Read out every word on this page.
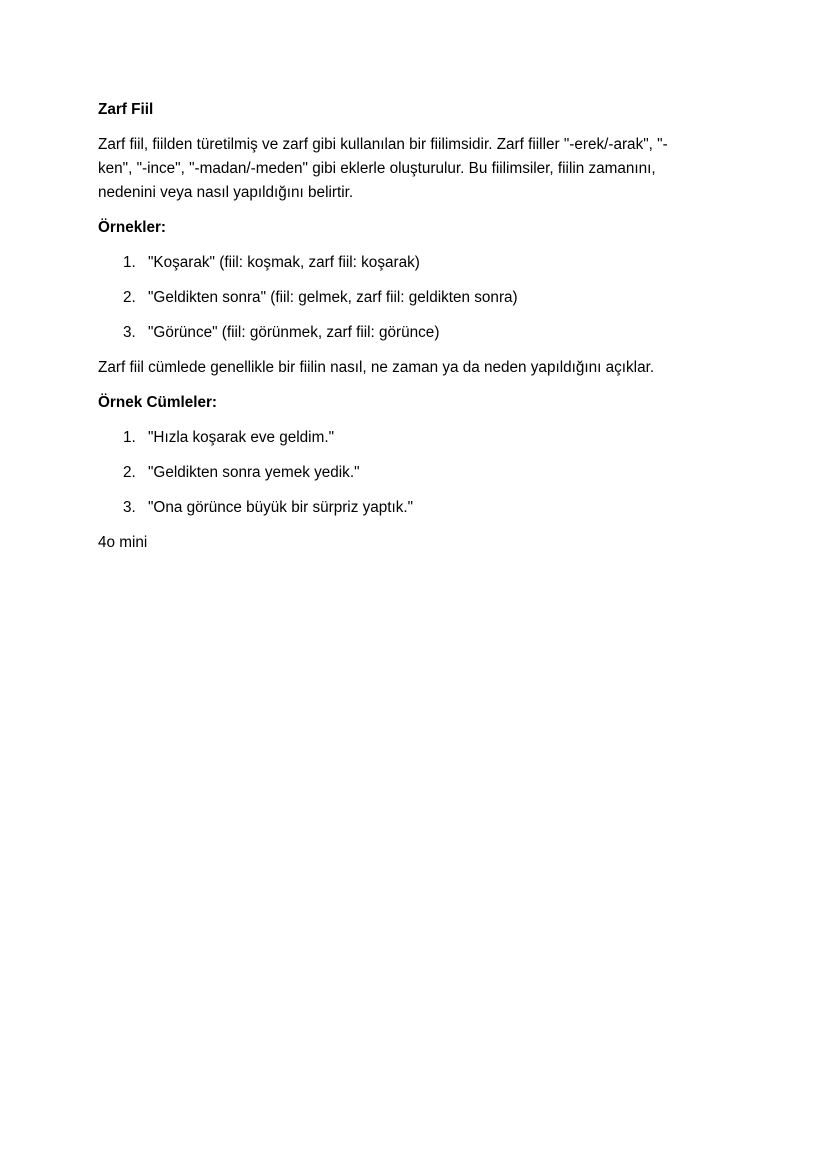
Zarf Fiil
Zarf fiil, fiilden türetilmiş ve zarf gibi kullanılan bir fiilimsidir. Zarf fiiller "-erek/-arak", "-
ken", "-ince", "-madan/-meden" gibi eklerle oluşturulur. Bu fiilimsiler, fiilin zamanını,
nedenini veya nasıl yapıldığını belirtir.
Örnekler:
1. "Koşarak" (fiil: koşmak, zarf fiil: koşarak)
2. "Geldikten sonra" (fiil: gelmek, zarf fiil: geldikten sonra)
3. "Görünce" (fiil: görünmek, zarf fiil: görünce)
Zarf fiil cümlede genellikle bir fiilin nasıl, ne zaman ya da neden yapıldığını açıklar.
Örnek Cümleler:
1. "Hızla koşarak eve geldim."
2. "Geldikten sonra yemek yedik."
3. "Ona görünce büyük bir sürpriz yaptık."
4o mini
